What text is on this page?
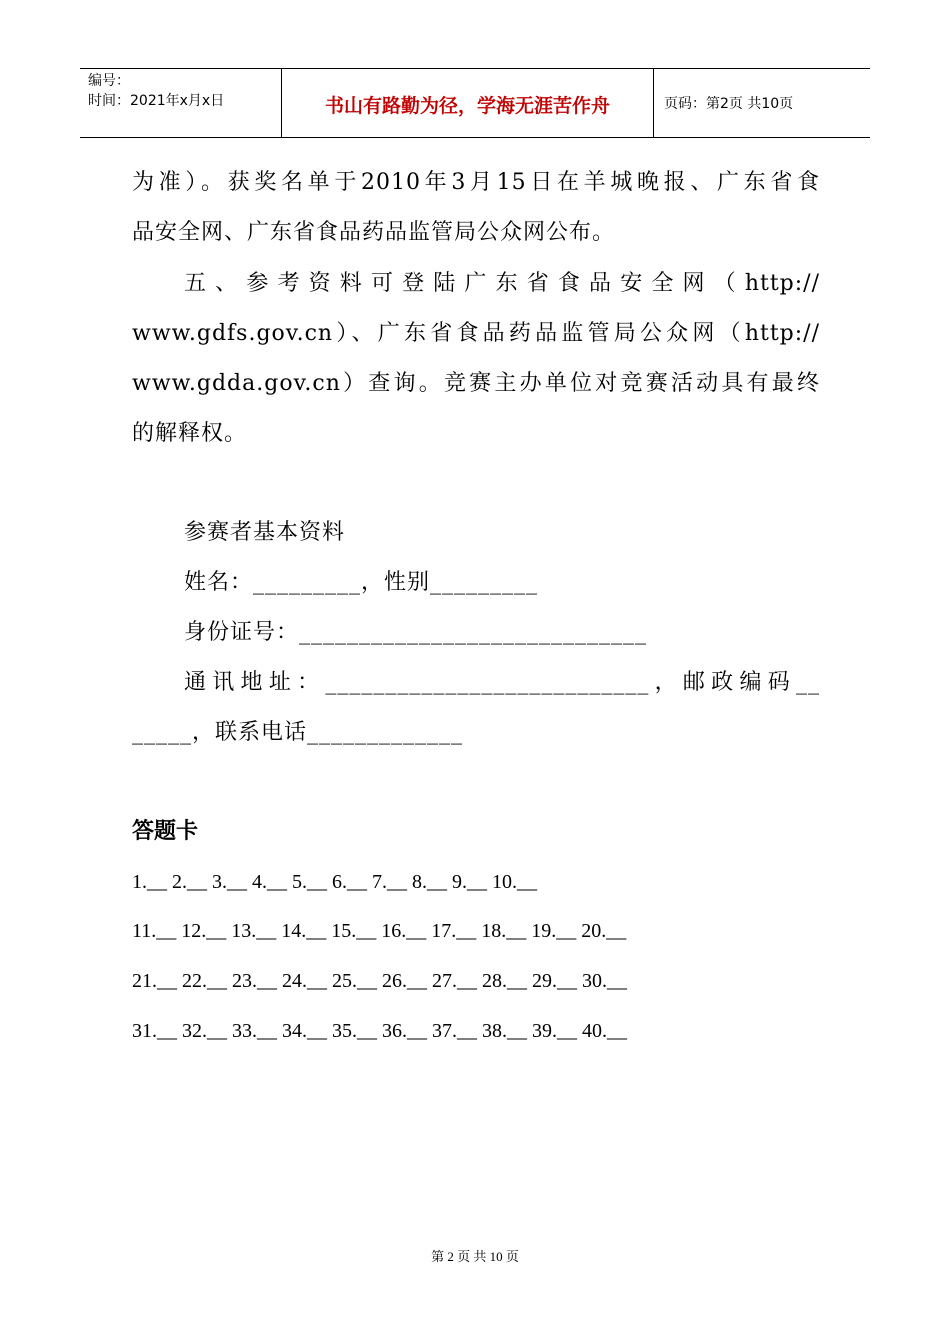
编号：
时间：2021年x月x日	书山有路勤为径，学海无涯苦作舟	页码：第2页 共10页
为准）。获奖名单于2010年3月15日在羊城晚报、广东省食
品安全网、广东省食品药品监管局公众网公布。
五、参考资料可登陆广东省食品安全网（http://
www.gdfs.gov.cn）、广东省食品药品监管局公众网（http://
www.gdda.gov.cn）查询。竞赛主办单位对竞赛活动具有最终
的解释权。
参赛者基本资料
姓名：_________，性别_________
身份证号：_____________________________
通讯地址：___________________________，邮政编码__
_____，联系电话_____________
答题卡
1.__ 2.__ 3.__ 4.__ 5.__ 6.__ 7.__ 8.__ 9.__ 10.__
11.__ 12.__ 13.__ 14.__ 15.__ 16.__ 17.__ 18.__ 19.__ 20.__
21.__ 22.__ 23.__ 24.__ 25.__ 26.__ 27.__ 28.__ 29.__ 30.__
31.__ 32.__ 33.__ 34.__ 35.__ 36.__ 37.__ 38.__ 39.__ 40.__
第 2 页 共 10 页
